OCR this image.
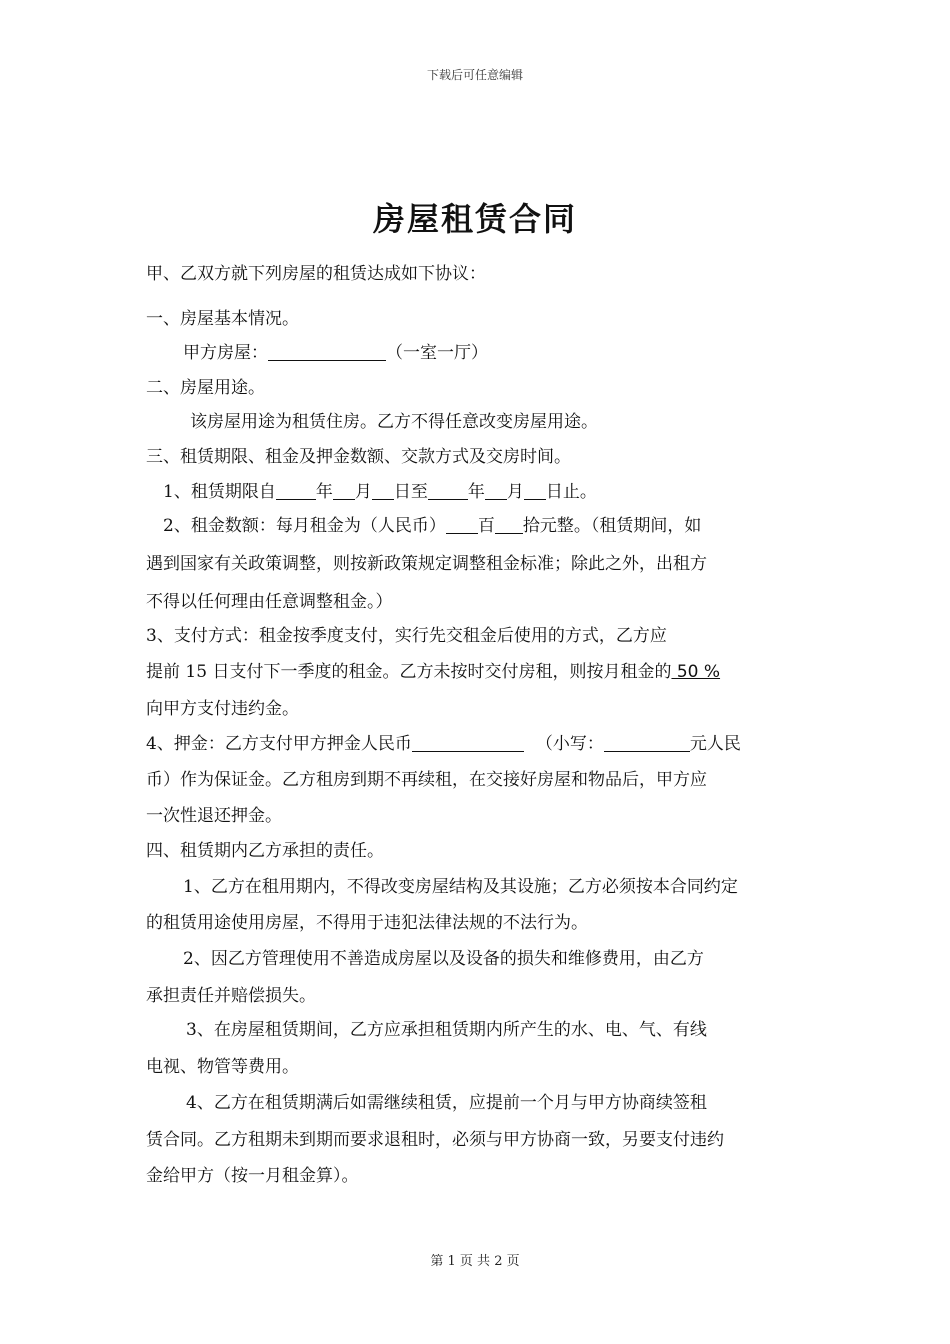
下载后可任意编辑
房屋租赁合同
甲、乙双方就下列房屋的租赁达成如下协议：
一、房屋基本情况。
甲方房屋：	（一室一厅）
二、房屋用途。
该房屋用途为租赁住房。乙方不得任意改变房屋用途。
三、租赁期限、租金及押金数额、交款方式及交房时间。
1、租赁期限自 年 月 日至 年 月 日止。
2、租金数额：每月租金为（人民币） 百 拾元整。（租赁期间，如
遇到国家有关政策调整，则按新政策规定调整租金标准；除此之外，出租方
不得以任何理由任意调整租金。）
3、支付方式：租金按季度支付，实行先交租金后使用的方式，乙方应
提前 15 日支付下一季度的租金。乙方未按时交付房租，则按月租金的 50 %
向甲方支付违约金。
4、押金：乙方支付甲方押金人民币	（小写：	元人民
币）作为保证金。乙方租房到期不再续租，在交接好房屋和物品后，甲方应
一次性退还押金。
四、租赁期内乙方承担的责任。
1、乙方在租用期内，不得改变房屋结构及其设施；乙方必须按本合同约定
的租赁用途使用房屋，不得用于违犯法律法规的不法行为。
2、因乙方管理使用不善造成房屋以及设备的损失和维修费用，由乙方
承担责任并赔偿损失。
3、在房屋租赁期间，乙方应承担租赁期内所产生的水、电、气、有线
电视、物管等费用。
4、乙方在租赁期满后如需继续租赁，应提前一个月与甲方协商续签租
赁合同。乙方租期未到期而要求退租时，必须与甲方协商一致，另要支付违约
金给甲方（按一月租金算）。
第 1 页 共 2 页
